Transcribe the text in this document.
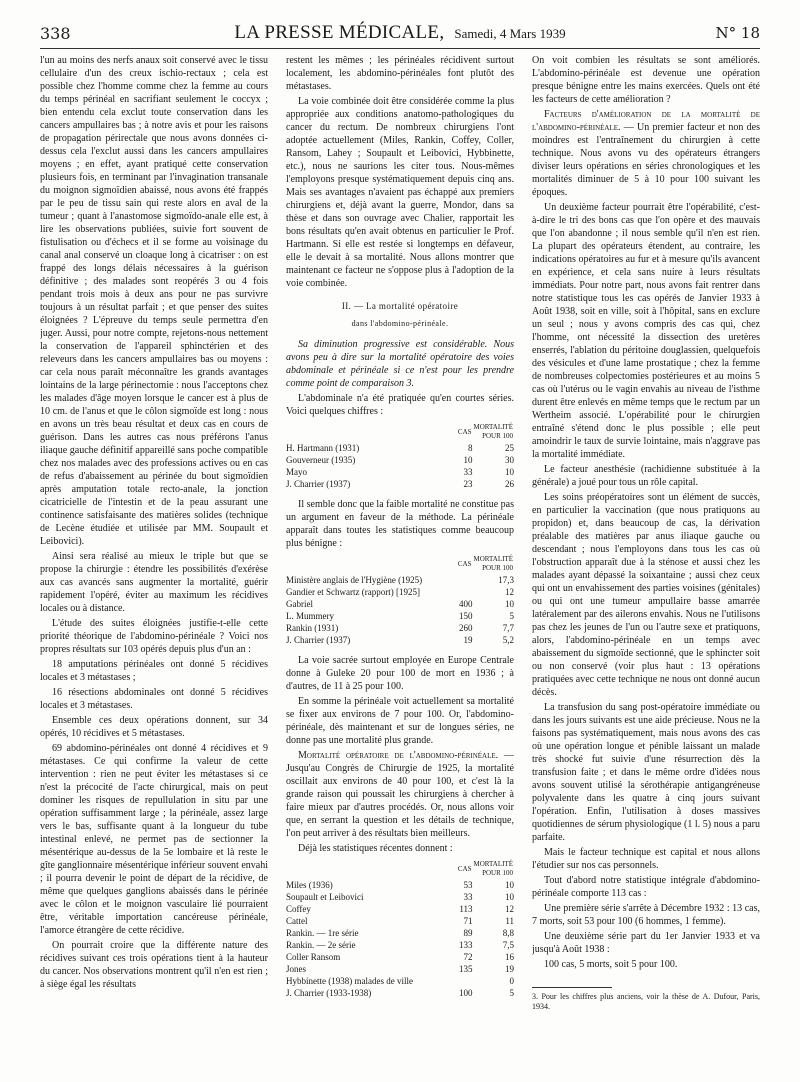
338	LA PRESSE MÉDICALE, Samedi, 4 Mars 1939	N° 18

l'un au moins des nerfs anaux soit conservé avec le tissu cellulaire d'un des creux ischio-rectaux ; cela est possible chez l'homme comme chez la femme au cours du temps périnéal en sacrifiant seulement le coccyx ; bien entendu cela exclut toute conservation dans les cancers ampullaires bas ; à notre avis et pour les raisons de propagation périrectale que nous avons données ci-dessus cela l'exclut aussi dans les cancers ampullaires moyens ; en effet, ayant pratiqué cette conservation plusieurs fois, en terminant par l'invagination transanale du moignon sigmoïdien abaissé, nous avons été frappés par le peu de tissu sain qui reste alors en aval de la tumeur ; quant à l'anastomose sigmoïdo-anale elle est, à lire les observations publiées, suivie fort souvent de fistulisation ou d'échecs et il se forme au voisinage du canal anal conservé un cloaque long à cicatriser : on est frappé des longs délais nécessaires à la guérison définitive ; des malades sont reopérés 3 ou 4 fois pendant trois mois à deux ans pour ne pas survivre toujours à un résultat parfait ; et que penser des suites éloignées ? L'épreuve du temps seule permettra d'en juger. Aussi, pour notre compte, rejetons-nous nettement la conservation de l'appareil sphinctérien et des releveurs dans les cancers ampullaires bas ou moyens : car cela nous paraît méconnaître les grands avantages lointains de la large périnectomie : nous l'acceptons chez les malades d'âge moyen lorsque le cancer est à plus de 10 cm. de l'anus et que le côlon sigmoïde est long : nous en avons un très beau résultat et deux cas en cours de guérison. Dans les autres cas nous préférons l'anus iliaque gauche définitif appareillé sans poche compatible chez nos malades avec des professions actives ou en cas de refus d'abaissement au périnée du bout sigmoïdien après amputation totale recto-anale, la jonction cicatricielle de l'intestin et de la peau assurant une continence satisfaisante des matières solides (technique de Lecène étudiée et utilisée par MM. Soupault et Leibovici).

Ainsi sera réalisé au mieux le triple but que se propose la chirurgie : étendre les possibilités d'exérèse aux cas avancés sans augmenter la mortalité, guérir rapidement l'opéré, éviter au maximum les récidives locales ou à distance.

L'étude des suites éloignées justifie-t-elle cette priorité théorique de l'abdomino-périnéale ? Voici nos propres résultats sur 103 opérés depuis plus d'un an :

18 amputations périnéales ont donné 5 récidives locales et 3 métastases ;

16 résections abdominales ont donné 5 récidives locales et 3 métastases.

Ensemble ces deux opérations donnent, sur 34 opérés, 10 récidives et 5 métastases.

69 abdomino-périnéales ont donné 4 récidives et 9 métastases. Ce qui confirme la valeur de cette intervention : rien ne peut éviter les métastases si ce n'est la précocité de l'acte chirurgical, mais on peut dominer les risques de repullulation in situ par une opération suffisamment large ; la périnéale, assez large vers le bas, suffisante quant à la longueur du tube intestinal enlevé, ne permet pas de sectionner la mésentérique au-dessus de la 5e lombaire et là reste le gîte ganglionnaire mésentérique inférieur souvent envahi ; il pourra devenir le point de départ de la récidive, de même que quelques ganglions abaissés dans le périnée avec le côlon et le moignon vasculaire lié pourraient être, véritable importation cancéreuse périnéale, l'amorce étrangère de cette récidive.

On pourrait croire que la différente nature des récidives suivant ces trois opérations tient à la hauteur du cancer. Nos observations montrent qu'il n'en est rien ; à siège égal les résultats

restent les mêmes ; les périnéales récidivent surtout localement, les abdomino-périnéales font plutôt des métastases.

La voie combinée doit être considérée comme la plus appropriée aux conditions anatomo-pathologiques du cancer du rectum. De nombreux chirurgiens l'ont adoptée actuellement (Miles, Rankin, Coffey, Coller, Ransom, Lahey ; Soupault et Leibovici, Hybbinette, etc.), nous ne saurions les citer tous. Nous-mêmes l'employons presque systématiquement depuis cinq ans. Mais ses avantages n'avaient pas échappé aux premiers chirurgiens et, déjà avant la guerre, Mondor, dans sa thèse et dans son ouvrage avec Chalier, rapportait les bons résultats qu'en avait obtenus en particulier le Prof. Hartmann. Si elle est restée si longtemps en défaveur, elle le devait à sa mortalité. Nous allons montrer que maintenant ce facteur ne s'oppose plus à l'adoption de la voie combinée.

II. — La mortalité opératoire
dans l'abdomino-périnéale.

Sa diminution progressive est considérable. Nous avons peu à dire sur la mortalité opératoire des voies abdominale et périnéale si ce n'est pour les prendre comme point de comparaison 3.

L'abdominale n'a été pratiquée qu'en courtes séries. Voici quelques chiffres :

	CAS	MORTALITÉ POUR 100
H. Hartmann (1931)	8	25
Gouverneur (1935)	10	30
Mayo	33	10
J. Charrier (1937)	23	26

Il semble donc que la faible mortalité ne constitue pas un argument en faveur de la méthode. La périnéale apparaît dans toutes les statistiques comme beaucoup plus bénigne :

	CAS	MORTALITÉ POUR 100
Ministère anglais de l'Hygiène (1925)		17,3
Gandier et Schwartz (rapport) [1925]		12
Gabriel	400	10
L. Mummery	150	5
Rankin (1931)	260	7,7
J. Charrier (1937)	19	5,2

La voie sacrée surtout employée en Europe Centrale donne à Guleke 20 pour 100 de mort en 1936 ; à d'autres, de 11 à 25 pour 100.

En somme la périnéale voit actuellement sa mortalité se fixer aux environs de 7 pour 100. Or, l'abdomino-périnéale, dès maintenant et sur de longues séries, ne donne pas une mortalité plus grande.

Mortalité opératoire de l'abdomino-périnéale. — Jusqu'au Congrès de Chirurgie de 1925, la mortalité oscillait aux environs de 40 pour 100, et c'est là la grande raison qui poussait les chirurgiens à chercher à faire mieux par d'autres procédés. Or, nous allons voir que, en serrant la question et les détails de technique, l'on peut arriver à des résultats bien meilleurs.

Déjà les statistiques récentes donnent :

	CAS	MORTALITÉ POUR 100
Miles (1936)	53	10
Soupault et Leibovici	33	10
Coffey	113	12
Cattel	71	11
Rankin. — 1re série	89	8,8
Rankin. — 2e série	133	7,5
Coller Ransom	72	16
Jones	135	19
Hybbinette (1938) malades de ville		0
J. Charrier (1933-1938)	100	5

On voit combien les résultats se sont améliorés. L'abdomino-périnéale est devenue une opération presque bénigne entre les mains exercées. Quels ont été les facteurs de cette amélioration ?

Facteurs d'amélioration de la mortalité de l'abdomino-périnéale. — Un premier facteur et non des moindres est l'entraînement du chirurgien à cette technique. Nous avons vu des opérateurs étrangers diviser leurs opérations en séries chronologiques et les mortalités diminuer de 5 à 10 pour 100 suivant les époques.

Un deuxième facteur pourrait être l'opérabilité, c'est-à-dire le tri des bons cas que l'on opère et des mauvais que l'on abandonne ; il nous semble qu'il n'en est rien. La plupart des opérateurs étendent, au contraire, les indications opératoires au fur et à mesure qu'ils avancent en expérience, et cela sans nuire à leurs résultats immédiats. Pour notre part, nous avons fait rentrer dans notre statistique tous les cas opérés de Janvier 1933 à Août 1938, soit en ville, soit à l'hôpital, sans en exclure un seul ; nous y avons compris des cas qui, chez l'homme, ont nécessité la dissection des uretères enserrés, l'ablation du péritoine douglassien, quelquefois des vésicules et d'une lame prostatique ; chez la femme de nombreuses colpectomies postérieures et au moins 5 cas où l'utérus ou le vagin envahis au niveau de l'isthme durent être enlevés en même temps que le rectum par un Wertheim associé. L'opérabilité pour le chirurgien entraîné s'étend donc le plus possible ; elle peut amoindrir le taux de survie lointaine, mais n'aggrave pas la mortalité immédiate.

Le facteur anesthésie (rachidienne substituée à la générale) a joué pour tous un rôle capital.

Les soins préopératoires sont un élément de succès, en particulier la vaccination (que nous pratiquons au propidon) et, dans beaucoup de cas, la dérivation préalable des matières par anus iliaque gauche ou descendant ; nous l'employons dans tous les cas où l'obstruction apparaît due à la sténose et aussi chez les malades ayant dépassé la soixantaine ; aussi chez ceux qui ont un envahissement des parties voisines (génitales) ou qui ont une tumeur ampullaire basse amarrée latéralement par des ailerons envahis. Nous ne l'utilisons pas chez les jeunes de l'un ou l'autre sexe et pratiquons, alors, l'abdomino-périnéale en un temps avec abaissement du sigmoïde sectionné, que le sphincter soit ou non conservé (voir plus haut : 13 opérations pratiquées avec cette technique ne nous ont donné aucun décès.

La transfusion du sang post-opératoire immédiate ou dans les jours suivants est une aide précieuse. Nous ne la faisons pas systématiquement, mais nous avons des cas où une opération longue et pénible laissant un malade très shocké fut suivie d'une résurrection dès la transfusion faite ; et dans le même ordre d'idées nous avons souvent utilisé la sérothérapie antigangréneuse polyvalente dans les quatre à cinq jours suivant l'opération. Enfin, l'utilisation à doses massives quotidiennes de sérum physiologique (1 l. 5) nous a paru parfaite.

Mais le facteur technique est capital et nous allons l'étudier sur nos cas personnels.

Tout d'abord notre statistique intégrale d'abdomino-périnéale comporte 113 cas :

Une première série s'arrête à Décembre 1932 : 13 cas, 7 morts, soit 53 pour 100 (6 hommes, 1 femme).

Une deuxième série part du 1er Janvier 1933 et va jusqu'à Août 1938 :

100 cas, 5 morts, soit 5 pour 100.

3. Pour les chiffres plus anciens, voir la thèse de A. Dufour, Paris, 1934.
